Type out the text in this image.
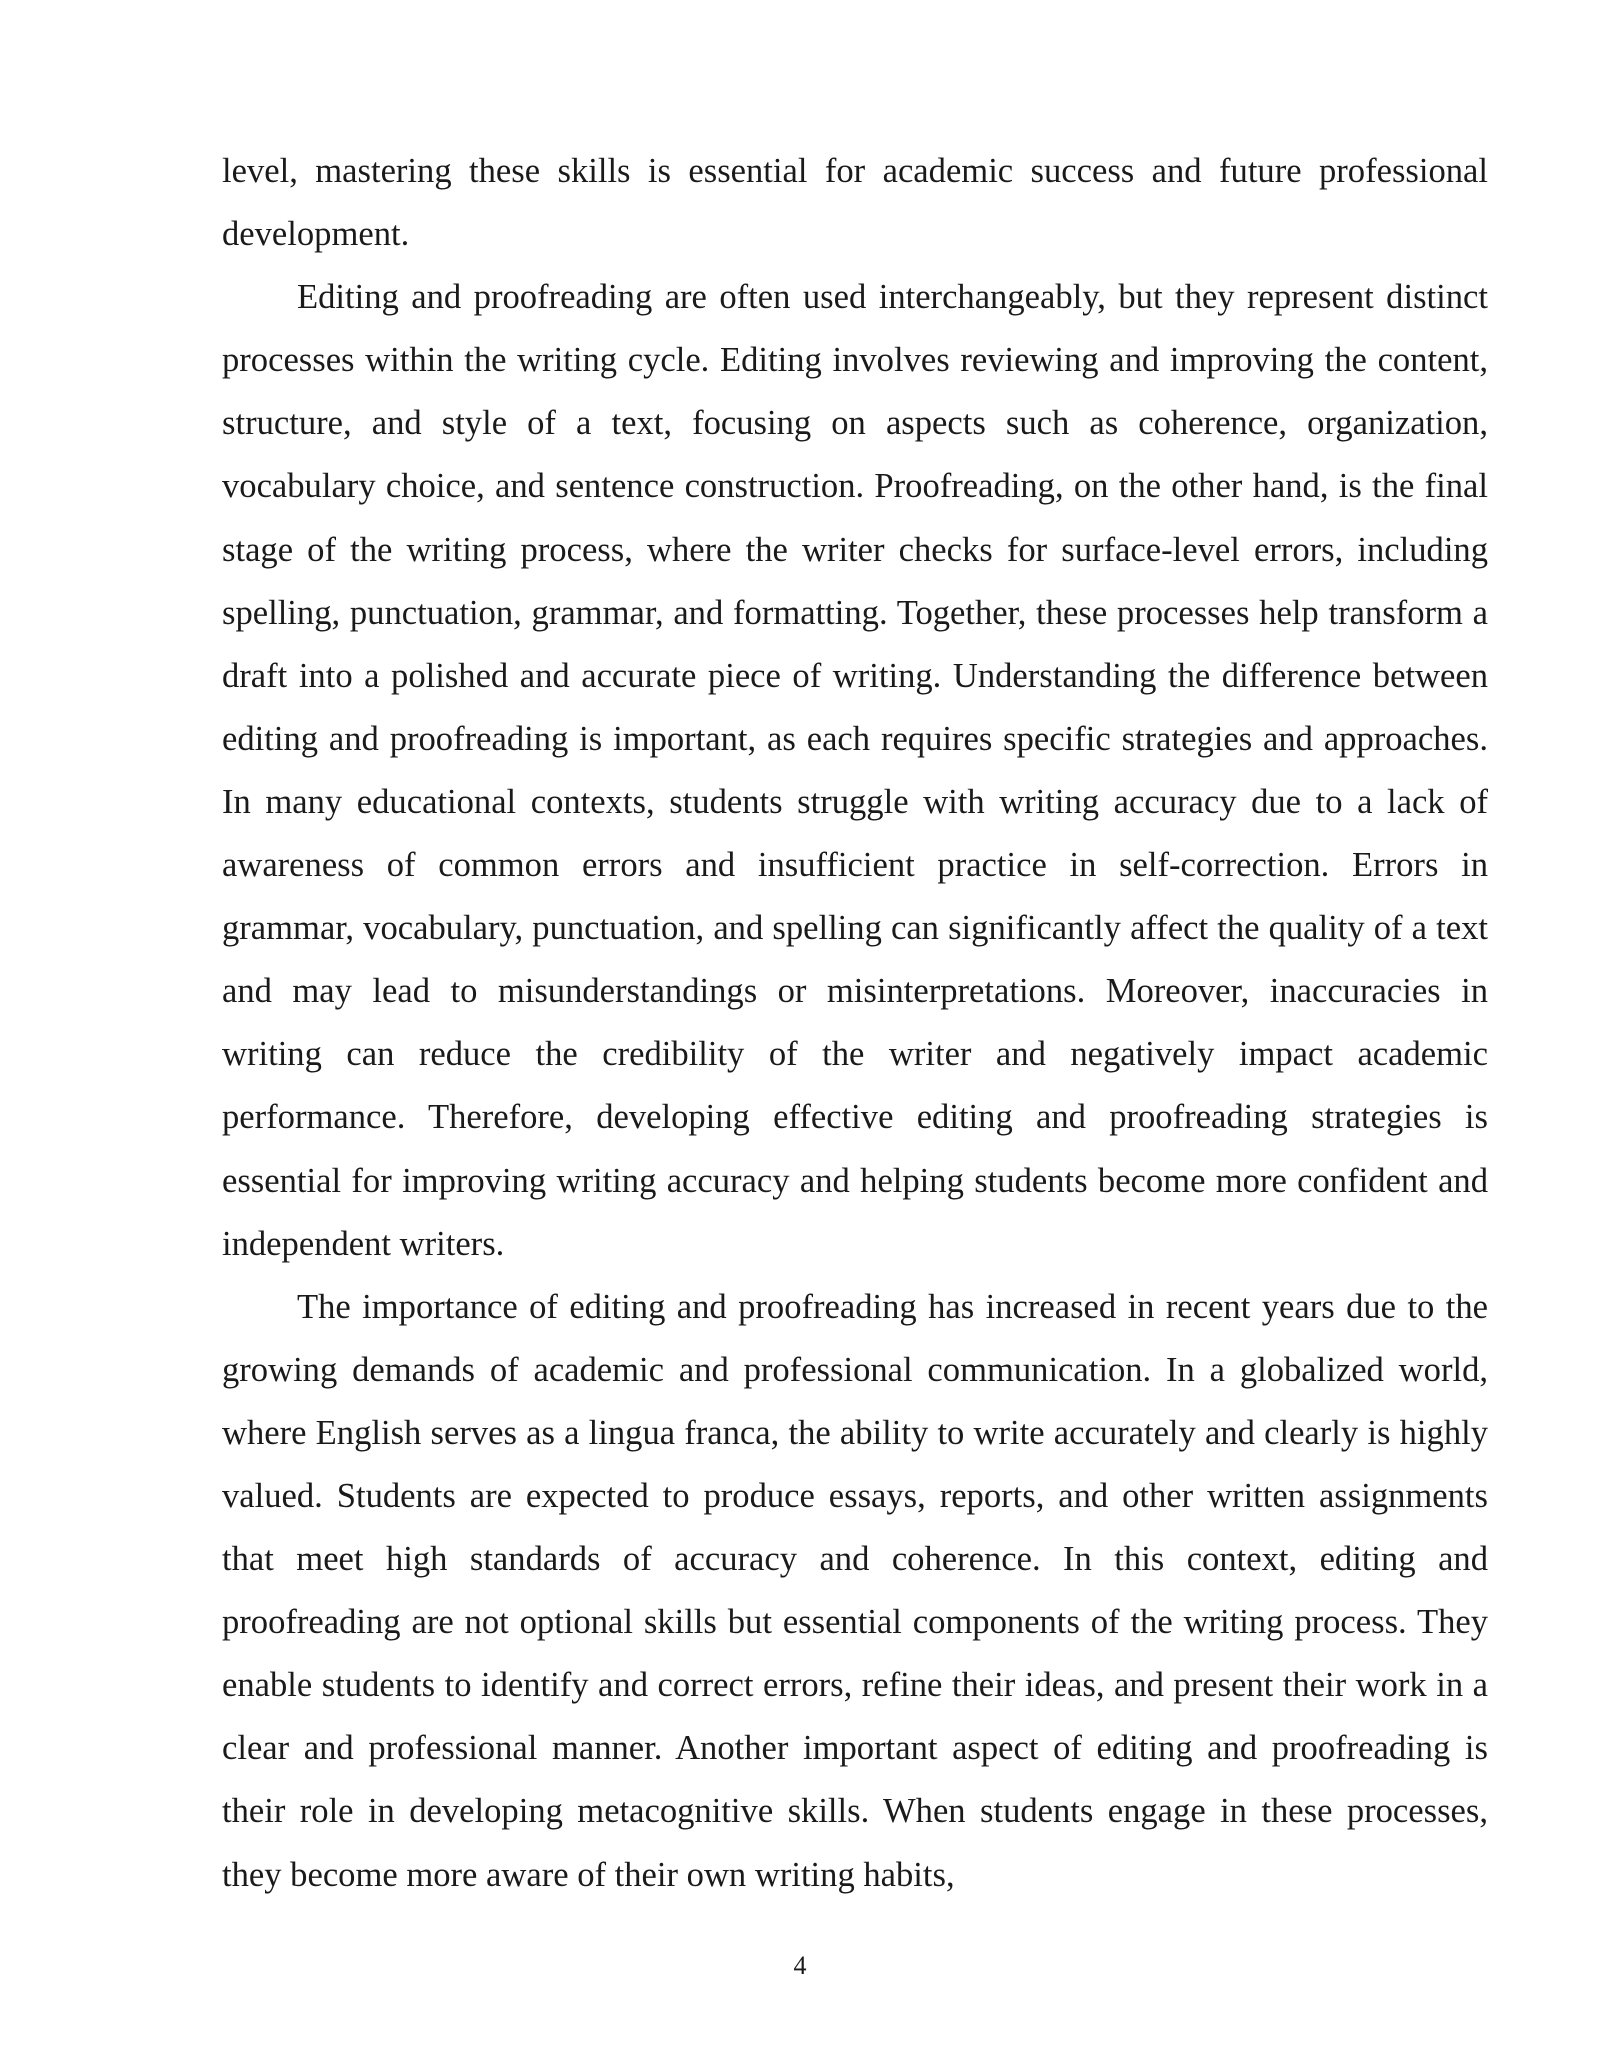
level, mastering these skills is essential for academic success and future professional development.

Editing and proofreading are often used interchangeably, but they represent distinct processes within the writing cycle. Editing involves reviewing and improving the content, structure, and style of a text, focusing on aspects such as coherence, organization, vocabulary choice, and sentence construction. Proofreading, on the other hand, is the final stage of the writing process, where the writer checks for surface-level errors, including spelling, punctuation, grammar, and formatting. Together, these processes help transform a draft into a polished and accurate piece of writing. Understanding the difference between editing and proofreading is important, as each requires specific strategies and approaches. In many educational contexts, students struggle with writing accuracy due to a lack of awareness of common errors and insufficient practice in self-correction. Errors in grammar, vocabulary, punctuation, and spelling can significantly affect the quality of a text and may lead to misunderstandings or misinterpretations. Moreover, inaccuracies in writing can reduce the credibility of the writer and negatively impact academic performance. Therefore, developing effective editing and proofreading strategies is essential for improving writing accuracy and helping students become more confident and independent writers.

The importance of editing and proofreading has increased in recent years due to the growing demands of academic and professional communication. In a globalized world, where English serves as a lingua franca, the ability to write accurately and clearly is highly valued. Students are expected to produce essays, reports, and other written assignments that meet high standards of accuracy and coherence. In this context, editing and proofreading are not optional skills but essential components of the writing process. They enable students to identify and correct errors, refine their ideas, and present their work in a clear and professional manner. Another important aspect of editing and proofreading is their role in developing metacognitive skills. When students engage in these processes, they become more aware of their own writing habits,

4
